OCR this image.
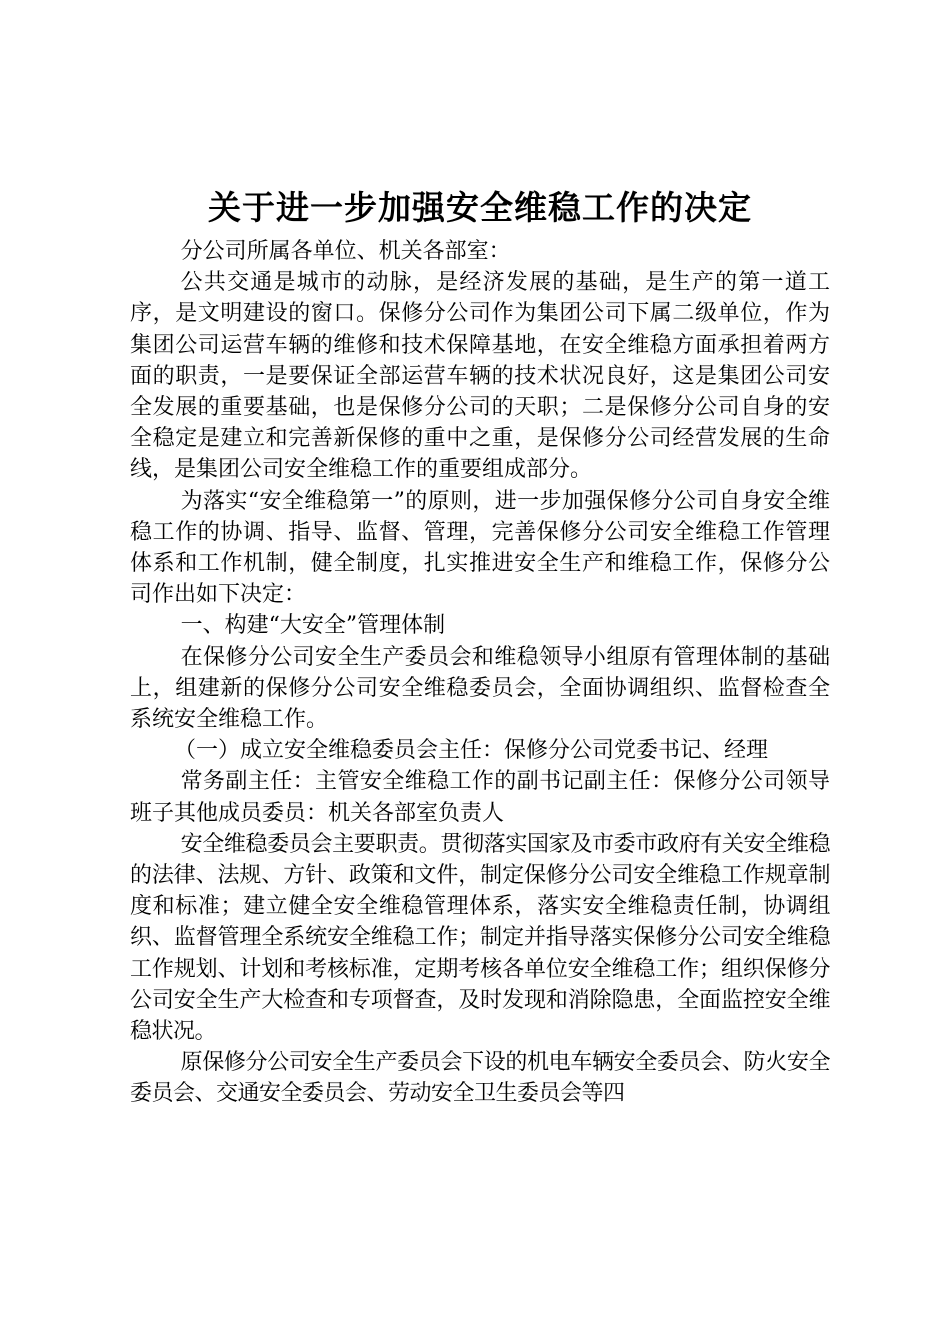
关于进一步加强安全维稳工作的决定

分公司所属各单位、机关各部室：

公共交通是城市的动脉，是经济发展的基础，是生产的第一道工序，是文明建设的窗口。保修分公司作为集团公司下属二级单位，作为集团公司运营车辆的维修和技术保障基地，在安全维稳方面承担着两方面的职责，一是要保证全部运营车辆的技术状况良好，这是集团公司安全发展的重要基础，也是保修分公司的天职；二是保修分公司自身的安全稳定是建立和完善新保修的重中之重，是保修分公司经营发展的生命线，是集团公司安全维稳工作的重要组成部分。

为落实“安全维稳第一”的原则，进一步加强保修分公司自身安全维稳工作的协调、指导、监督、管理，完善保修分公司安全维稳工作管理体系和工作机制，健全制度，扎实推进安全生产和维稳工作，保修分公司作出如下决定：

一、构建“大安全”管理体制

在保修分公司安全生产委员会和维稳领导小组原有管理体制的基础上，组建新的保修分公司安全维稳委员会，全面协调组织、监督检查全系统安全维稳工作。

（一）成立安全维稳委员会主任：保修分公司党委书记、经理

常务副主任：主管安全维稳工作的副书记副主任：保修分公司领导班子其他成员委员：机关各部室负责人

安全维稳委员会主要职责。贯彻落实国家及市委市政府有关安全维稳的法律、法规、方针、政策和文件，制定保修分公司安全维稳工作规章制度和标准；建立健全安全维稳管理体系，落实安全维稳责任制，协调组织、监督管理全系统安全维稳工作；制定并指导落实保修分公司安全维稳工作规划、计划和考核标准，定期考核各单位安全维稳工作；组织保修分公司安全生产大检查和专项督查，及时发现和消除隐患，全面监控安全维稳状况。

原保修分公司安全生产委员会下设的机电车辆安全委员会、防火安全委员会、交通安全委员会、劳动安全卫生委员会等四
